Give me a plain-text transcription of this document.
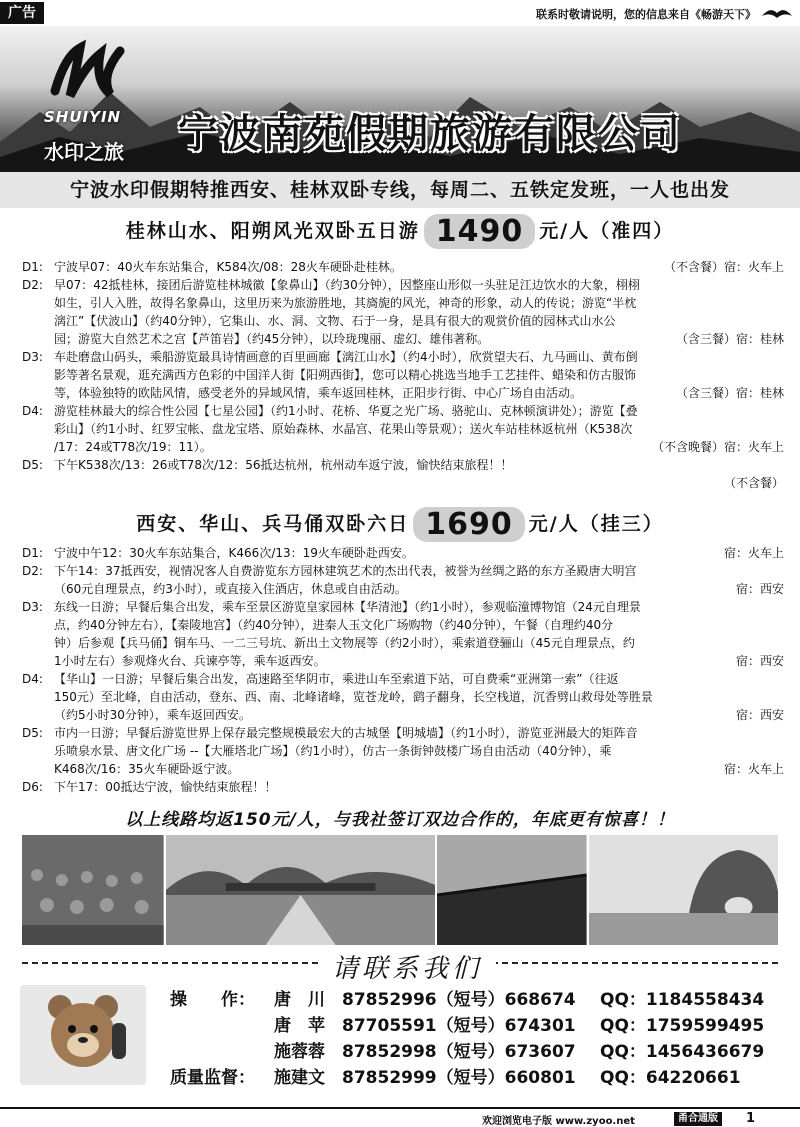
广告	联系时敬请说明，您的信息来自《畅游天下》
SHUIYIN
水印之旅 宁波南苑假期旅游有限公司
宁波水印假期特推西安、桂林双卧专线，每周二、五铁定发班，一人也出发
桂林山水、阳朔风光双卧五日游 1490 元/人（准四）
D1: 宁波早07：40火车东站集合，K584次/08：28火车硬卧赴桂林。	（不含餐）宿：火车上
D2: 早07：42抵桂林，接团后游览桂林城徽【象鼻山】（约30分钟），因整座山形似一头驻足江边饮水的大象，栩栩
如生，引人入胜，故得名象鼻山，这里历来为旅游胜地，其旖旎的风光，神奇的形象，动人的传说；游览“半枕
漓江”【伏波山】（约40分钟），它集山、水、洞、文物、石于一身，是具有很大的观赏价值的园林式山水公
园；游览大自然艺术之宫【芦笛岩】（约45分钟），以玲珑瑰丽、虚幻、雄伟著称。	（含三餐）宿：桂林
D3: 车赴磨盘山码头，乘船游览最具诗情画意的百里画廊【漓江山水】（约4小时），欣赏望夫石、九马画山、黄布倒
影等著名景观，逛充满西方色彩的中国洋人街【阳朔西街】，您可以精心挑选当地手工艺挂件、蜡染和仿古服饰
等，体验独特的欧陆风情，感受老外的异域风情，乘车返回桂林，正阳步行街、中心广场自由活动。	（含三餐）宿：桂林
D4: 游览桂林最大的综合性公园【七星公园】（约1小时、花桥、华夏之光广场、骆驼山、克林顿演讲处）；游览【叠
彩山】（约1小时、红罗宝帐、盘龙宝塔、原始森林、水晶宫、花果山等景观）；送火车站桂林返杭州（K538次
/17：24或T78次/19：11）。	（不含晚餐）宿：火车上
D5: 下午K538次/13：26或T78次/12：56抵达杭州，杭州动车返宁波，愉快结束旅程！！
（不含餐）
西安、华山、兵马俑双卧六日 1690 元/人（挂三）
D1: 宁波中午12：30火车东站集合，K466次/13：19火车硬卧赴西安。	宿：火车上
D2: 下午14：37抵西安，视情况客人自费游览东方园林建筑艺术的杰出代表，被誉为丝绸之路的东方圣殿唐大明宫
（60元自理景点，约3小时），或直接入住酒店，休息或自由活动。	宿：西安
D3: 东线一日游；早餐后集合出发，乘车至景区游览皇家园林【华清池】（约1小时），参观临潼博物馆（24元自理景
点，约40分钟左右），【秦陵地宫】（约40分钟），进秦人玉文化广场购物（约40分钟），午餐（自理约40分
钟）后参观【兵马俑】铜车马、一二三号坑、新出土文物展等（约2小时），乘索道登骊山（45元自理景点，约
1小时左右）参观烽火台、兵谏亭等，乘车返西安。	宿：西安
D4: 【华山】一日游；早餐后集合出发，高速路至华阴市，乘进山车至索道下站，可自费乘“亚洲第一索”（往返
150元）至北峰，自由活动，登东、西、南、北峰诸峰，览苍龙岭，鹞子翻身，长空栈道，沉香劈山救母处等胜景
（约5小时30分钟），乘车返回西安。	宿：西安
D5: 市内一日游；早餐后游览世界上保存最完整规模最宏大的古城堡【明城墙】（约1小时），游览亚洲最大的矩阵音
乐喷泉水景、唐文化广场 --【大雁塔北广场】（约1小时），仿古一条街钟鼓楼广场自由活动（40分钟），乘
K468次/16：35火车硬卧返宁波。	宿：火车上
D6: 下午17：00抵达宁波，愉快结束旅程！！
以上线路均返150元/人，与我社签订双边合作的，年底更有惊喜！！
请联系我们
操　　作： 唐　川 87852996（短号）668674 QQ：1184558434
唐　苹 87705591（短号）674301 QQ：1759599495
施蓉蓉 87852998（短号）673607 QQ：1456436679
质量监督： 施建文 87852999（短号）660801 QQ：64220661
欢迎浏览电子版 www.zyoo.net	甬合通版	1
